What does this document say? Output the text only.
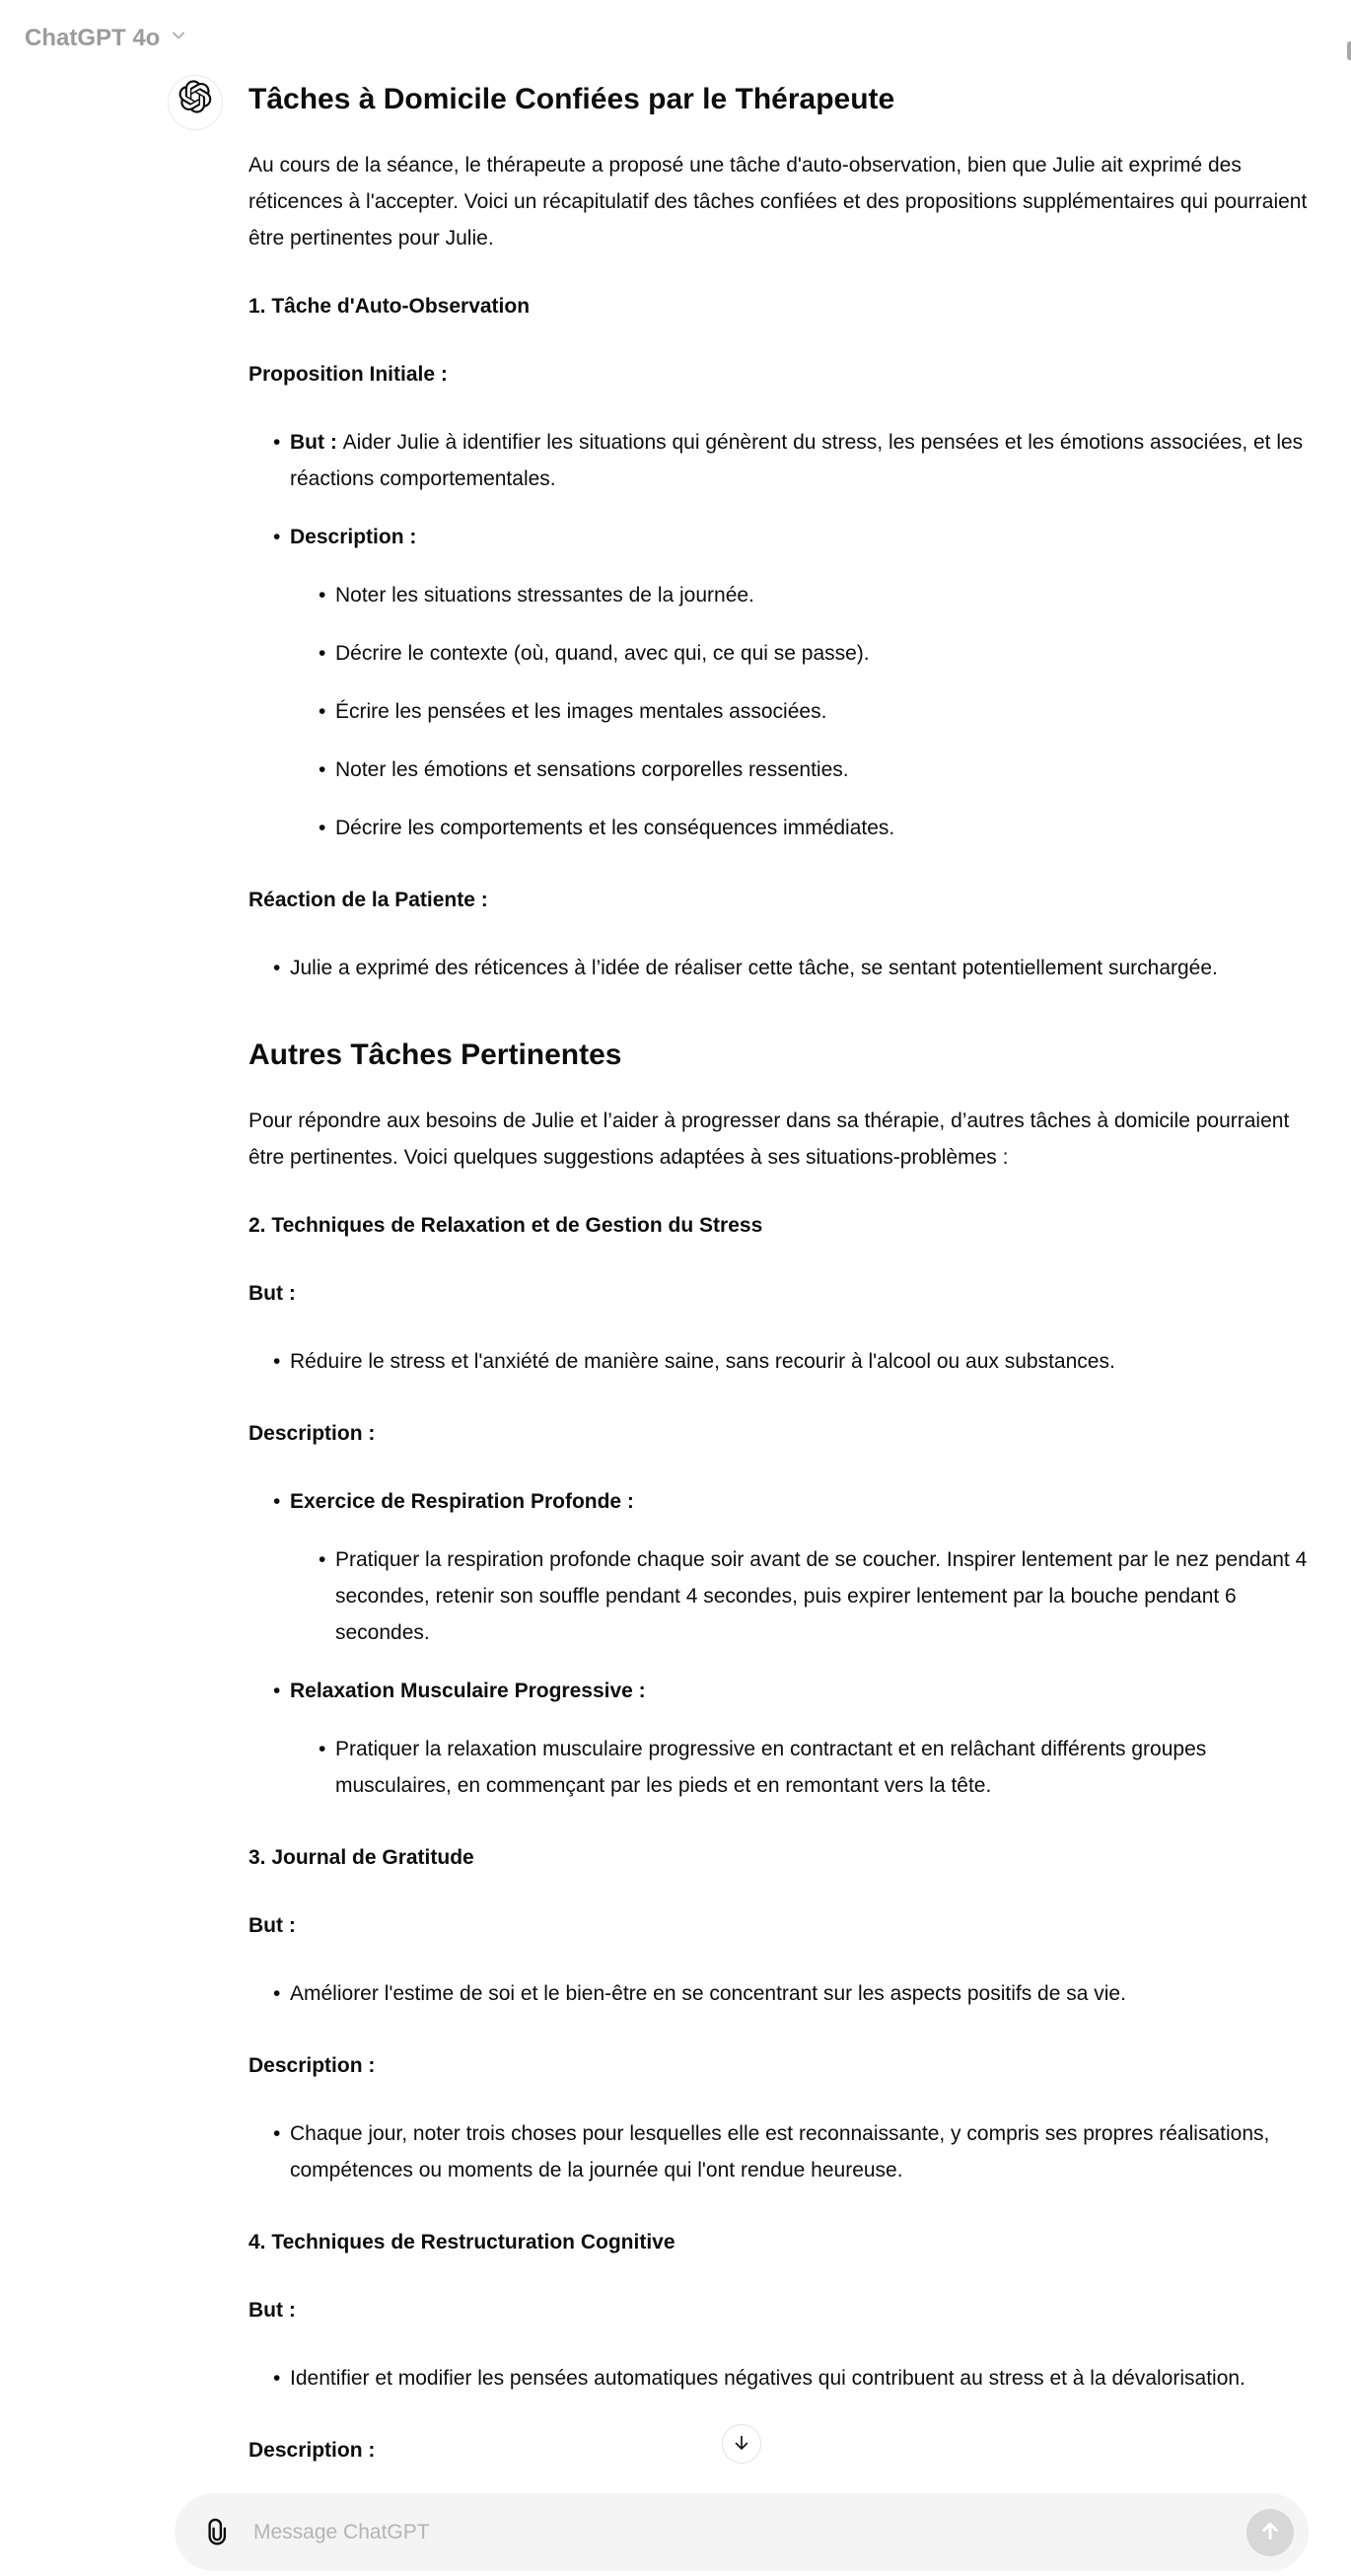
ChatGPT 4o
Tâches à Domicile Confiées par le Thérapeute

Au cours de la séance, le thérapeute a proposé une tâche d'auto-observation, bien que Julie ait exprimé des réticences à l'accepter. Voici un récapitulatif des tâches confiées et des propositions supplémentaires qui pourraient être pertinentes pour Julie.

1. Tâche d'Auto-Observation

Proposition Initiale :

• But : Aider Julie à identifier les situations qui génèrent du stress, les pensées et les émotions associées, et les réactions comportementales.
• Description :
• Noter les situations stressantes de la journée.
• Décrire le contexte (où, quand, avec qui, ce qui se passe).
• Écrire les pensées et les images mentales associées.
• Noter les émotions et sensations corporelles ressenties.
• Décrire les comportements et les conséquences immédiates.

Réaction de la Patiente :

• Julie a exprimé des réticences à l’idée de réaliser cette tâche, se sentant potentiellement surchargée.
Autres Tâches Pertinentes

Pour répondre aux besoins de Julie et l’aider à progresser dans sa thérapie, d’autres tâches à domicile pourraient être pertinentes. Voici quelques suggestions adaptées à ses situations-problèmes :

2. Techniques de Relaxation et de Gestion du Stress

But :

• Réduire le stress et l'anxiété de manière saine, sans recourir à l'alcool ou aux substances.

Description :

• Exercice de Respiration Profonde :
• Pratiquer la respiration profonde chaque soir avant de se coucher. Inspirer lentement par le nez pendant 4 secondes, retenir son souffle pendant 4 secondes, puis expirer lentement par la bouche pendant 6 secondes.
• Relaxation Musculaire Progressive :
• Pratiquer la relaxation musculaire progressive en contractant et en relâchant différents groupes musculaires, en commençant par les pieds et en remontant vers la tête.

3. Journal de Gratitude

But :

• Améliorer l'estime de soi et le bien-être en se concentrant sur les aspects positifs de sa vie.

Description :

• Chaque jour, noter trois choses pour lesquelles elle est reconnaissante, y compris ses propres réalisations, compétences ou moments de la journée qui l'ont rendue heureuse.

4. Techniques de Restructuration Cognitive

But :

• Identifier et modifier les pensées automatiques négatives qui contribuent au stress et à la dévalorisation.

Description :

Message ChatGPT
